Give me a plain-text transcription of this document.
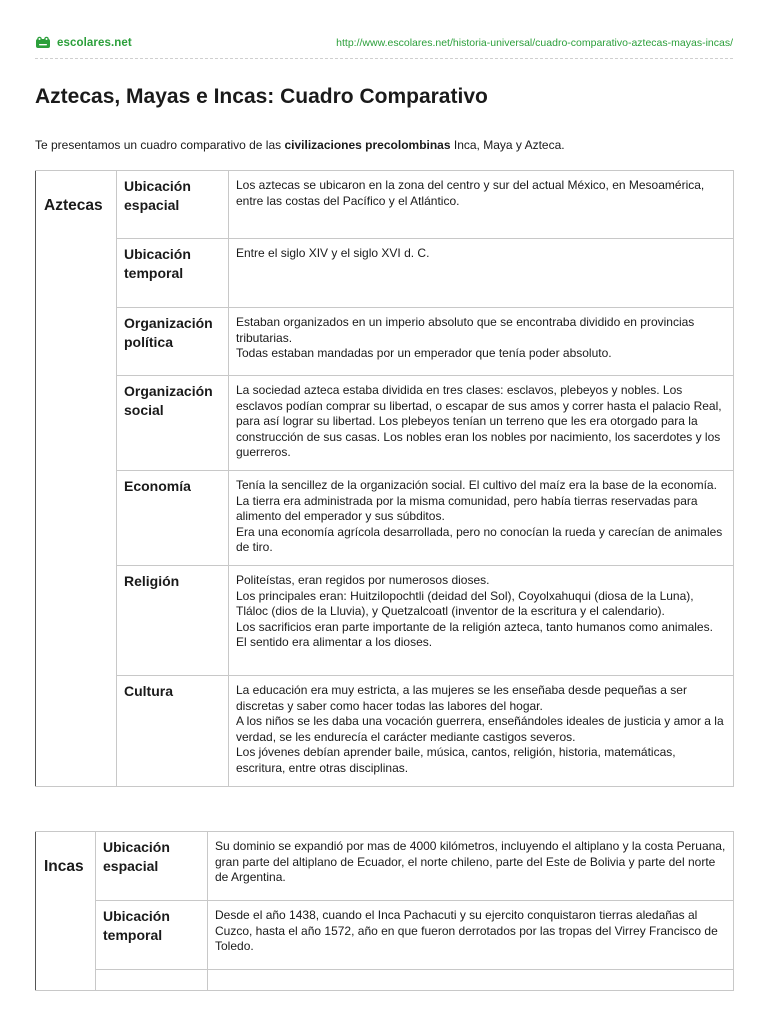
escolares.net	http://www.escolares.net/historia-universal/cuadro-comparativo-aztecas-mayas-incas/
Aztecas, Mayas e Incas: Cuadro Comparativo

Te presentamos un cuadro comparativo de las civilizaciones precolombinas Inca, Maya y Azteca.

Aztecas	Ubicación espacial	Los aztecas se ubicaron en la zona del centro y sur del actual México, en Mesoamérica, entre las costas del Pacífico y el Atlántico.
	Ubicación temporal	Entre el siglo XIV y el siglo XVI d. C.
	Organización política	Estaban organizados en un imperio absoluto que se encontraba dividido en provincias tributarias.
Todas estaban mandadas por un emperador que tenía poder absoluto.
	Organización social	La sociedad azteca estaba dividida en tres clases: esclavos, plebeyos y nobles. Los esclavos podían comprar su libertad, o escapar de sus amos y correr hasta el palacio Real, para así lograr su libertad. Los plebeyos tenían un terreno que les era otorgado para la construcción de sus casas. Los nobles eran los nobles por nacimiento, los sacerdotes y los guerreros.
	Economía	Tenía la sencillez de la organización social. El cultivo del maíz era la base de la economía. La tierra era administrada por la misma comunidad, pero había tierras reservadas para alimento del emperador y sus súbditos.
Era una economía agrícola desarrollada, pero no conocían la rueda y carecían de animales de tiro.
	Religión	Politeístas, eran regidos por numerosos dioses.
Los principales eran: Huitzilopochtli (deidad del Sol), Coyolxahuqui (diosa de la Luna), Tláloc (dios de la Lluvia), y Quetzalcoatl (inventor de la escritura y el calendario).
Los sacrificios eran parte importante de la religión azteca, tanto humanos como animales. El sentido era alimentar a los dioses.
	Cultura	La educación era muy estricta, a las mujeres se les enseñaba desde pequeñas a ser discretas y saber como hacer todas las labores del hogar.
A los niños se les daba una vocación guerrera, enseñándoles ideales de justicia y amor a la verdad, se les endurecía el carácter mediante castigos severos.
Los jóvenes debían aprender baile, música, cantos, religión, historia, matemáticas, escritura, entre otras disciplinas.
Incas	Ubicación espacial	Su dominio se expandió por mas de 4000 kilómetros, incluyendo el altiplano y la costa Peruana, gran parte del altiplano de Ecuador, el norte chileno, parte del Este de Bolivia y parte del norte de Argentina.
	Ubicación temporal	Desde el año 1438, cuando el Inca Pachacuti y su ejercito conquistaron tierras aledañas al Cuzco, hasta el año 1572, año en que fueron derrotados por las tropas del Virrey Francisco de Toledo.
